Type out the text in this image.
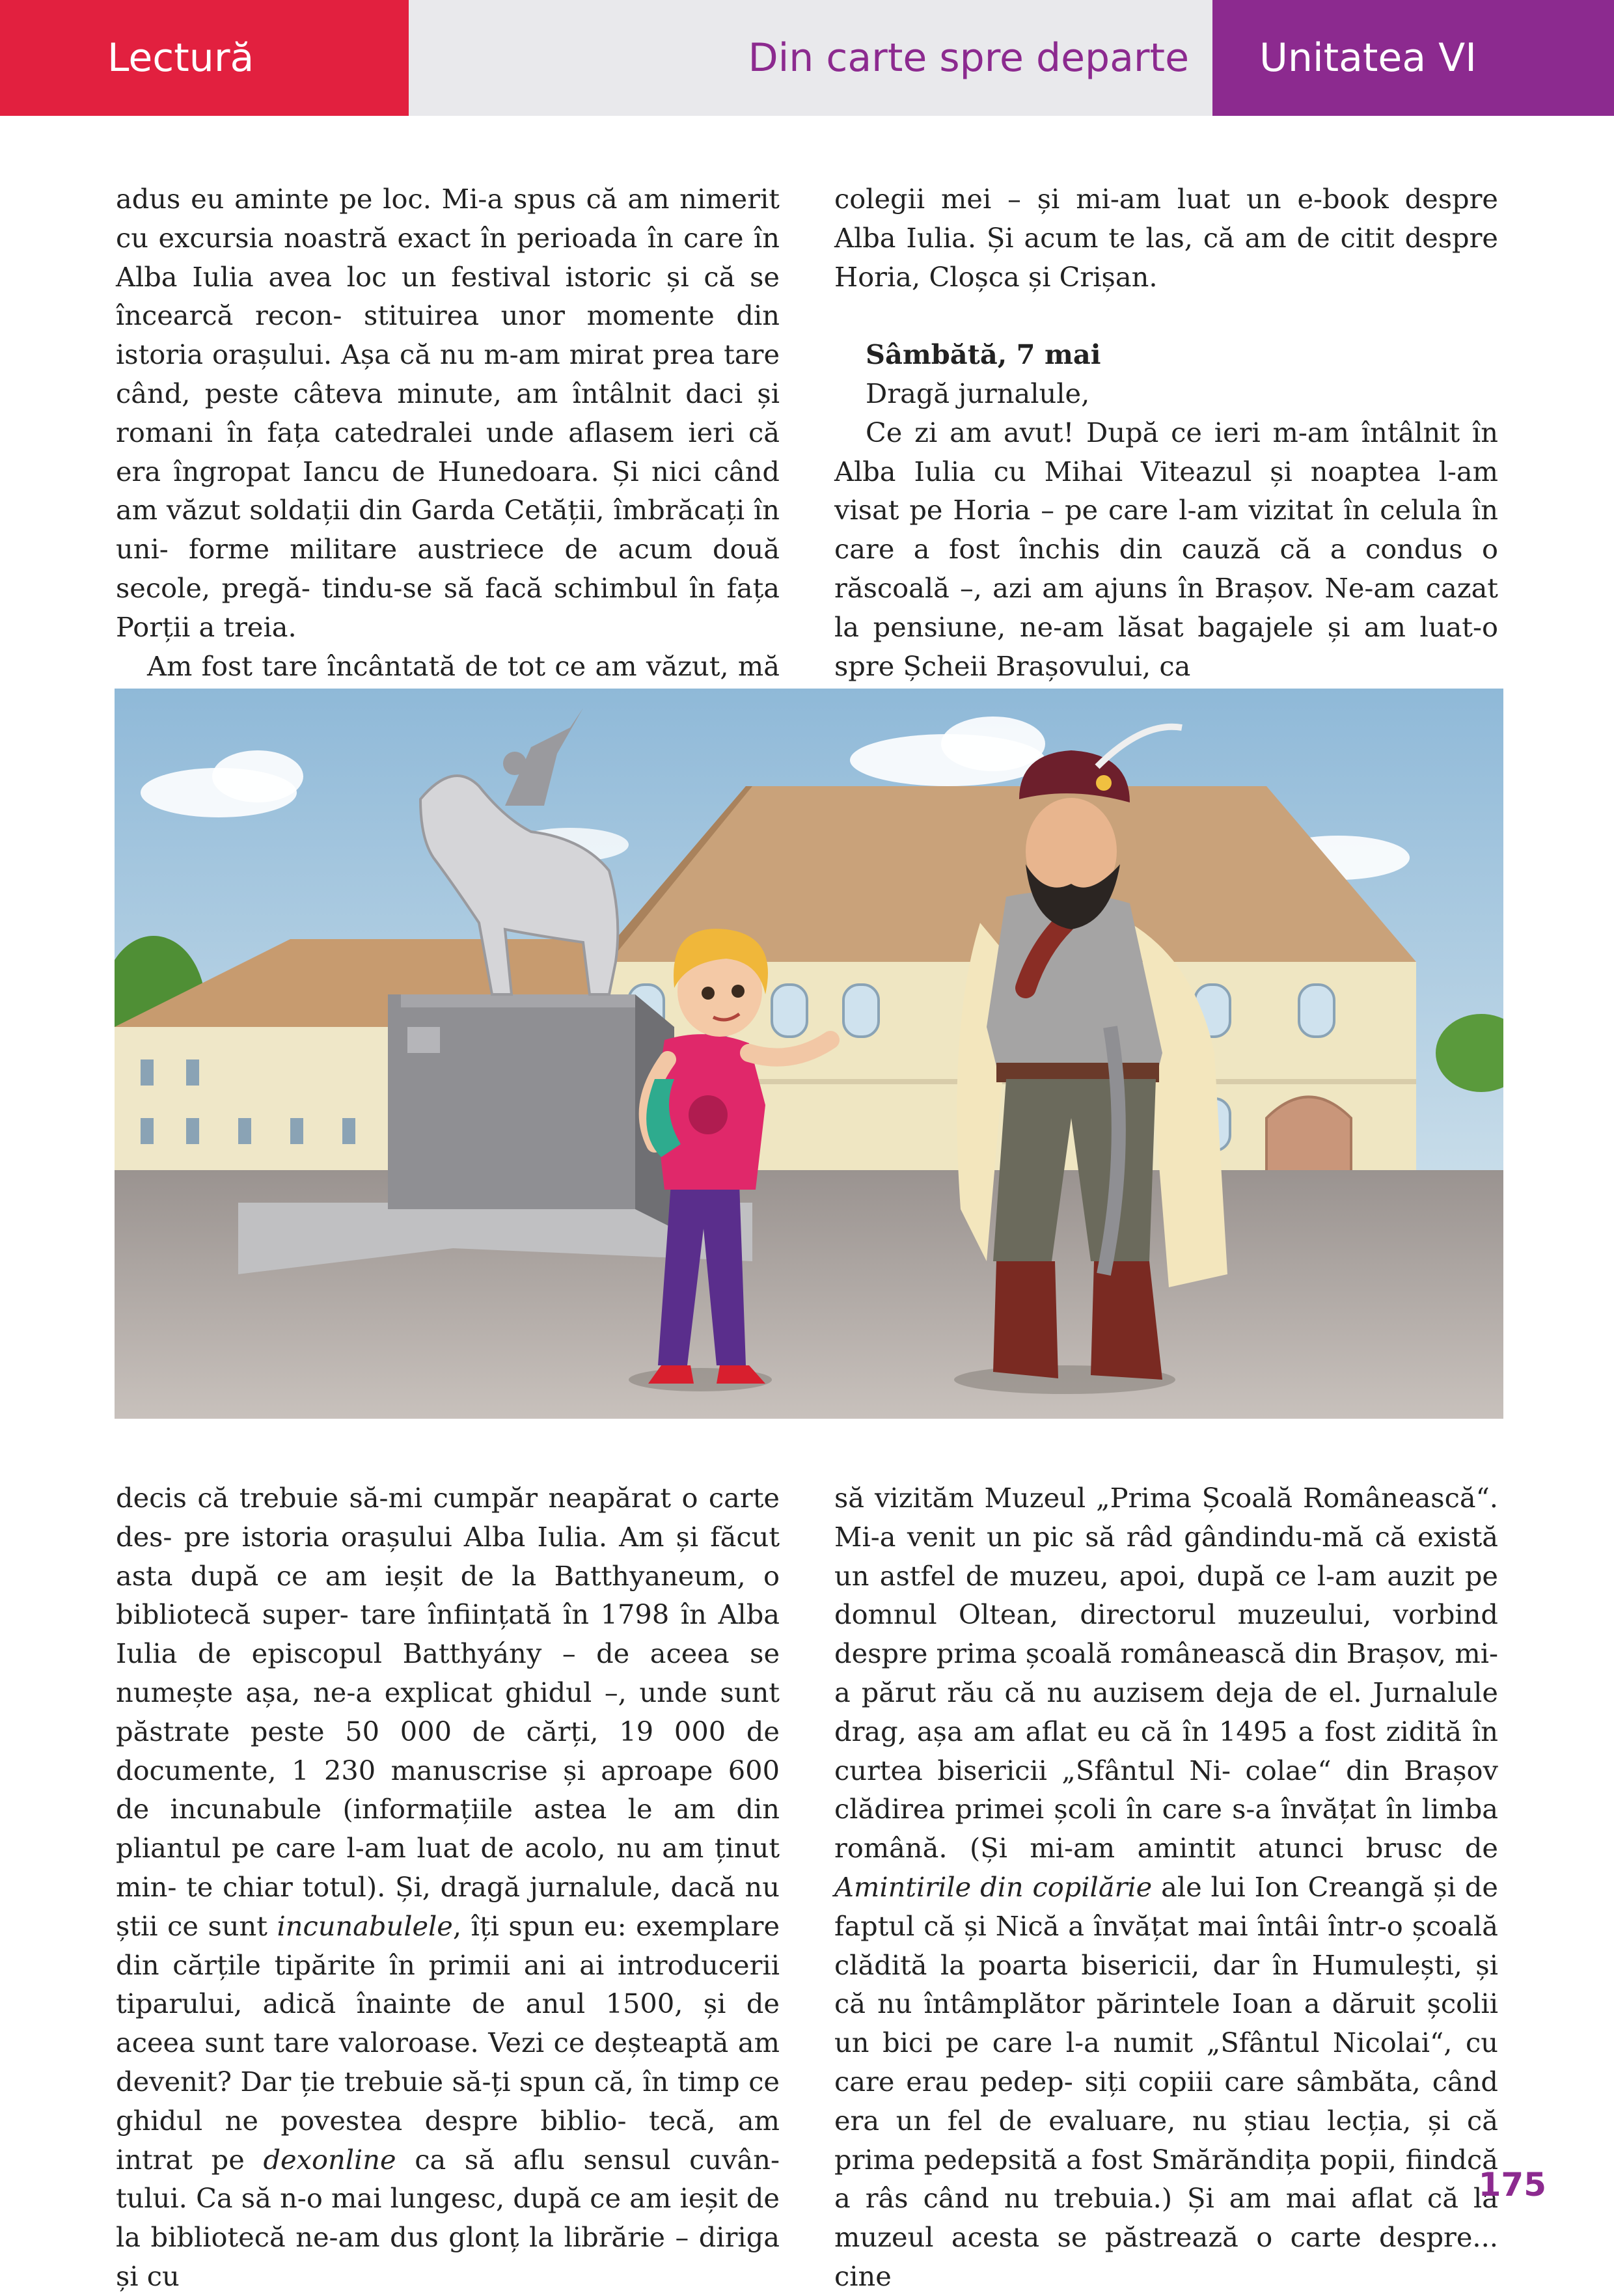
Lectură	Din carte spre departe Unitatea VI

adus eu aminte pe loc. Mi-a spus că am nimerit cu excursia noastră exact în perioada în care în Alba Iulia avea loc un festival istoric și că se încearcă recon- stituirea unor momente din istoria orașului. Așa că nu m-am mirat prea tare când, peste câteva minute, am întâlnit daci și romani în fața catedralei unde aflasem ieri că era îngropat Iancu de Hunedoara. Și nici când am văzut soldații din Garda Cetății, îmbrăcați în uni- forme militare austriece de acum două secole, pregă- tindu-se să facă schimbul în fața Porții a treia.

Am fost tare încântată de tot ce am văzut, mă

colegii mei – și mi-am luat un e-book despre Alba Iulia. Și acum te las, că am de citit despre Horia, Cloșca și Crișan.

Sâmbătă, 7 mai

Dragă jurnalule,

Ce zi am avut! După ce ieri m-am întâlnit în Alba Iulia cu Mihai Viteazul și noaptea l-am visat pe Horia – pe care l-am vizitat în celula în care a fost închis din cauză că a condus o răscoală –, azi am ajuns în Brașov. Ne-am cazat la pensiune, ne-am lăsat bagajele și am luat-o spre Șcheii Brașovului, ca

decis că trebuie să-mi cumpăr neapărat o carte des- pre istoria orașului Alba Iulia. Am și făcut asta după ce am ieșit de la Batthyaneum, o bibliotecă super- tare înființată în 1798 în Alba Iulia de episcopul Batthyány – de aceea se numește așa, ne-a explicat ghidul –, unde sunt păstrate peste 50 000 de cărți, 19 000 de documente, 1 230 manuscrise și aproape 600 de incunabule (informațiile astea le am din pliantul pe care l-am luat de acolo, nu am ținut min- te chiar totul). Și, dragă jurnalule, dacă nu știi ce sunt incunabulele, îți spun eu: exemplare din cărțile tipărite în primii ani ai introducerii tiparului, adică înainte de anul 1500, și de aceea sunt tare valoroase. Vezi ce deșteaptă am devenit? Dar ție trebuie să-ți spun că, în timp ce ghidul ne povestea despre biblio- tecă, am intrat pe dexonline ca să aflu sensul cuvân- tului. Ca să n-o mai lungesc, după ce am ieșit de la bibliotecă ne-am dus glonț la librărie – diriga și cu

să vizităm Muzeul „Prima Școală Românească“. Mi-a venit un pic să râd gândindu-mă că există un astfel de muzeu, apoi, după ce l-am auzit pe domnul Oltean, directorul muzeului, vorbind despre prima școală românească din Brașov, mi-a părut rău că nu auzisem deja de el. Jurnalule drag, așa am aflat eu că în 1495 a fost zidită în curtea bisericii „Sfântul Ni- colae“ din Brașov clădirea primei școli în care s-a învățat în limba română. (Și mi-am amintit atunci brusc de Amintirile din copilărie ale lui Ion Creangă și de faptul că și Nică a învățat mai întâi într-o școală clădită la poarta bisericii, dar în Humulești, și că nu întâmplător părintele Ioan a dăruit școlii un bici pe care l-a numit „Sfântul Nicolai“, cu care erau pedep- siți copiii care sâmbăta, când era un fel de evaluare, nu știau lecția, și că prima pedepsită a fost Smărăndița popii, fiindcă a râs când nu trebuia.) Și am mai aflat că la muzeul acesta se păstrează o carte despre... cine

175
